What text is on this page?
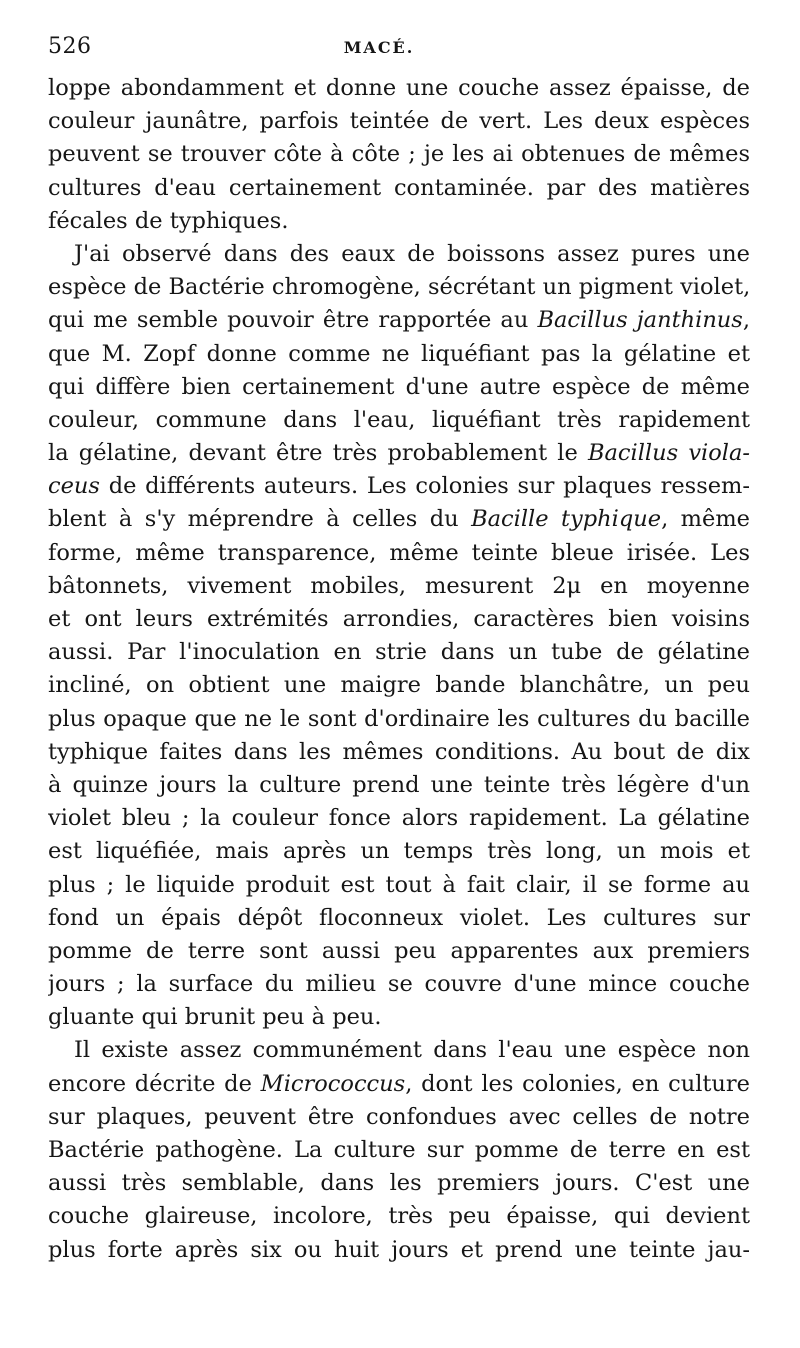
526	MACÉ.
loppe abondamment et donne une couche assez épaisse, de
couleur jaunâtre, parfois teintée de vert. Les deux espèces
peuvent se trouver côte à côte ; je les ai obtenues de mêmes
cultures d'eau certainement contaminée. par des matières
fécales de typhiques.
J'ai observé dans des eaux de boissons assez pures une
espèce de Bactérie chromogène, sécrétant un pigment violet,
qui me semble pouvoir être rapportée au Bacillus janthinus,
que M. Zopf donne comme ne liquéfiant pas la gélatine et
qui diffère bien certainement d'une autre espèce de même
couleur, commune dans l'eau, liquéfiant très rapidement
la gélatine, devant être très probablement le Bacillus viola-
ceus de différents auteurs. Les colonies sur plaques ressem-
blent à s'y méprendre à celles du Bacille typhique, même
forme, même transparence, même teinte bleue irisée. Les
bâtonnets, vivement mobiles, mesurent 2μ en moyenne
et ont leurs extrémités arrondies, caractères bien voisins
aussi. Par l'inoculation en strie dans un tube de gélatine
incliné, on obtient une maigre bande blanchâtre, un peu
plus opaque que ne le sont d'ordinaire les cultures du bacille
typhique faites dans les mêmes conditions. Au bout de dix
à quinze jours la culture prend une teinte très légère d'un
violet bleu ; la couleur fonce alors rapidement. La gélatine
est liquéfiée, mais après un temps très long, un mois et
plus ; le liquide produit est tout à fait clair, il se forme au
fond un épais dépôt floconneux violet. Les cultures sur
pomme de terre sont aussi peu apparentes aux premiers
jours ; la surface du milieu se couvre d'une mince couche
gluante qui brunit peu à peu.
Il existe assez communément dans l'eau une espèce non
encore décrite de Micrococcus, dont les colonies, en culture
sur plaques, peuvent être confondues avec celles de notre
Bactérie pathogène. La culture sur pomme de terre en est
aussi très semblable, dans les premiers jours. C'est une
couche glaireuse, incolore, très peu épaisse, qui devient
plus forte après six ou huit jours et prend une teinte jau-
